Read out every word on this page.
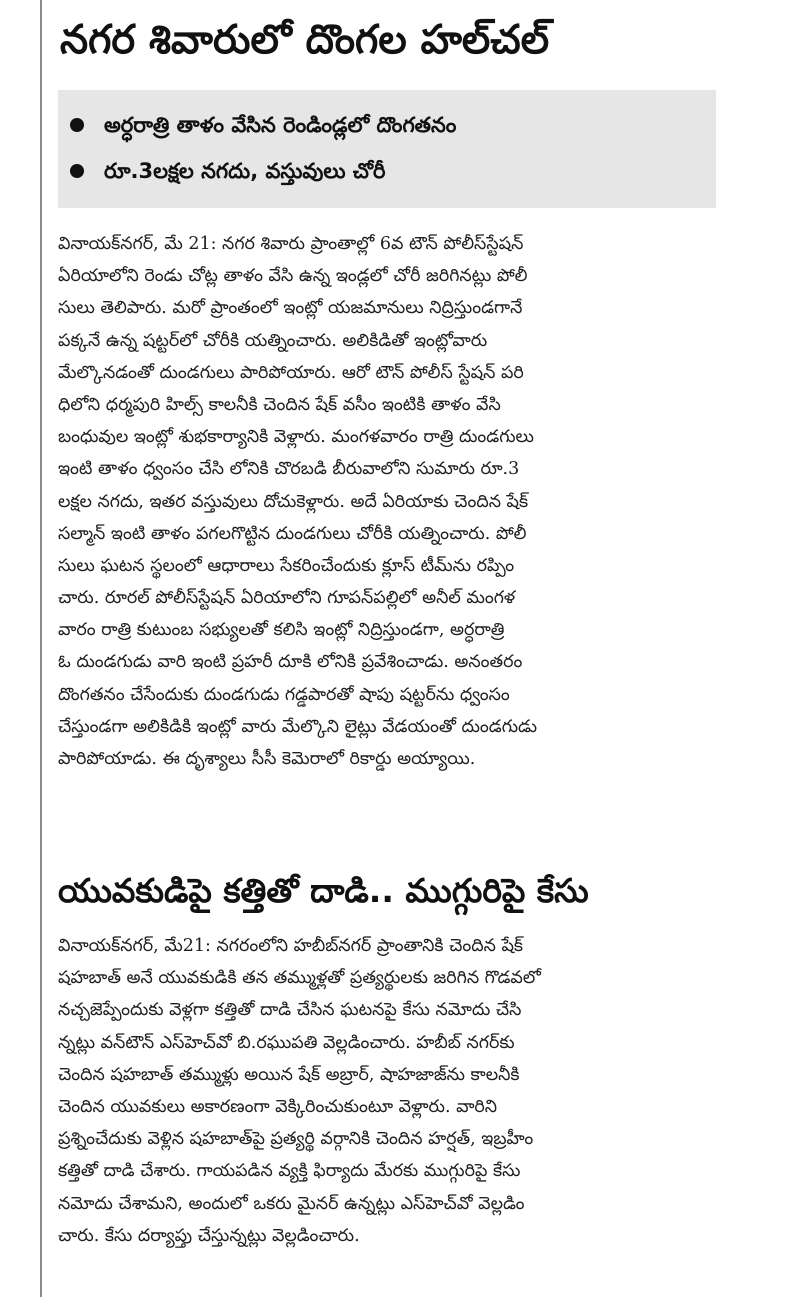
నగర శివారులో దొంగల హల్‌చల్
అర్ధరాత్రి తాళం వేసిన రెండిండ్లలో దొంగతనం
రూ.3లక్షల నగదు, వస్తువులు చోరీ
వినాయక్‌నగర్, మే 21: నగర శివారు ప్రాంతాల్లో 6వ టౌన్ పోలీస్‌స్టేషన్
ఏరియాలోని రెండు చోట్ల తాళం వేసి ఉన్న ఇండ్లలో చోరీ జరిగినట్లు పోలీ
సులు తెలిపారు. మరో ప్రాంతంలో ఇంట్లో యజమానులు నిద్రిస్తుండగానే
పక్కనే ఉన్న షట్టర్‌లో చోరీకి యత్నించారు. అలికిడితో ఇంట్లోవారు
మేల్కొనడంతో దుండగులు పారిపోయారు. ఆరో టౌన్ పోలీస్ స్టేషన్ పరి
ధిలోని ధర్మపురి హిల్స్ కాలనీకి చెందిన షేక్ వసీం ఇంటికి తాళం వేసి
బంధువుల ఇంట్లో శుభకార్యానికి వెళ్లారు. మంగళవారం రాత్రి దుండగులు
ఇంటి తాళం ధ్వంసం చేసి లోనికి చొరబడి బీరువాలోని సుమారు రూ.3
లక్షల నగదు, ఇతర వస్తువులు దోచుకెళ్లారు. అదే ఏరియాకు చెందిన షేక్
సల్మాన్ ఇంటి తాళం పగలగొట్టిన దుండగులు చోరీకి యత్నించారు. పోలీ
సులు ఘటన స్థలంలో ఆధారాలు సేకరించేందుకు క్లూస్ టీమ్‌ను రప్పిం
చారు. రూరల్ పోలీస్‌స్టేషన్ ఏరియాలోని గూపన్‌పల్లిలో అనీల్ మంగళ
వారం రాత్రి కుటుంబ సభ్యులతో కలిసి ఇంట్లో నిద్రిస్తుండగా, అర్ధరాత్రి
ఓ దుండగుడు వారి ఇంటి ప్రహరీ దూకి లోనికి ప్రవేశించాడు. అనంతరం
దొంగతనం చేసేందుకు దుండగుడు గడ్డపారతో షాపు షట్టర్‌ను ధ్వంసం
చేస్తుండగా అలికిడికి ఇంట్లో వారు మేల్కొని లైట్లు వేడయంతో దుండగుడు
పారిపోయాడు. ఈ దృశ్యాలు సీసీ కెమెరాలో రికార్డు అయ్యాయి.
యువకుడిపై కత్తితో దాడి.. ముగ్గురిపై కేసు
వినాయక్‌నగర్, మే21: నగరంలోని హబీబ్‌నగర్ ప్రాంతానికి చెందిన షేక్
షహబాత్ అనే యువకుడికి తన తమ్ముళ్లతో ప్రత్యర్థులకు జరిగిన గొడవలో
నచ్చజెప్పేందుకు వెళ్లగా కత్తితో దాడి చేసిన ఘటనపై కేసు నమోదు చేసి
న్నట్లు వన్‌టౌన్ ఎస్‌హెచ్‌వో బి.రఘుపతి వెల్లడించారు. హబీబ్ నగర్‌కు
చెందిన షహబాత్ తమ్ముళ్లు అయిన షేక్ అబ్రార్, షాహజాజ్‌ను కాలనీకి
చెందిన యువకులు అకారణంగా వెక్కిరించుకుంటూ వెళ్లారు. వారిని
ప్రశ్నించేదుకు వెళ్లిన షహబాత్‌పై ప్రత్యర్థి వర్గానికి చెందిన హర్షత్, ఇబ్రహీం
కత్తితో దాడి చేశారు. గాయపడిన వ్యక్తి ఫిర్యాదు మేరకు ముగ్గురిపై కేసు
నమోదు చేశామని, అందులో ఒకరు మైనర్ ఉన్నట్లు ఎస్‌హెచ్‌వో వెల్లడిం
చారు. కేసు దర్యాప్తు చేస్తున్నట్లు వెల్లడించారు.
